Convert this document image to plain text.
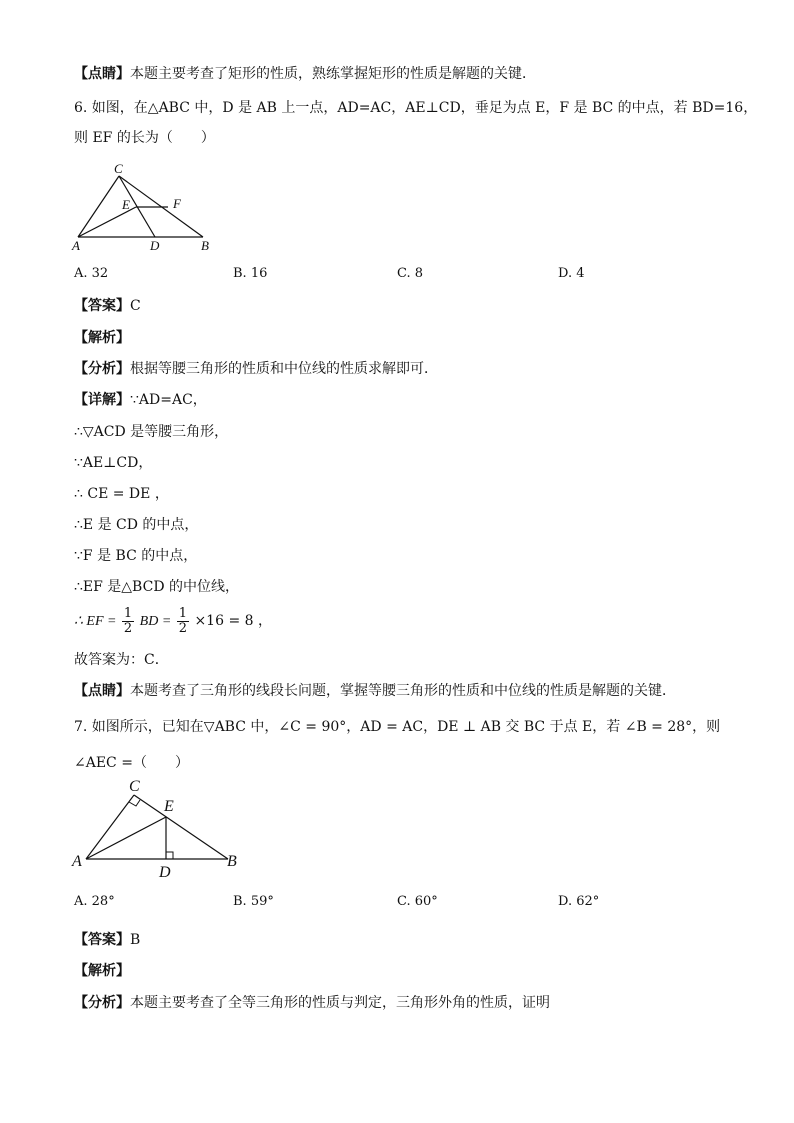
【点睛】本题主要考查了矩形的性质，熟练掌握矩形的性质是解题的关键．
6. 如图，在△ABC 中，D 是 AB 上一点，AD=AC，AE⊥CD，垂足为点 E，F 是 BC 的中点，若 BD=16，
则 EF 的长为（　　）
C
E	F
A	D	B
A. 32	B. 16	C. 8	D. 4
【答案】C
【解析】
【分析】根据等腰三角形的性质和中位线的性质求解即可．
【详解】∵AD=AC，
∴▽ACD 是等腰三角形，
∵AE⊥CD，
∴ CE = DE ，
∴E 是 CD 的中点，
∵F 是 BC 的中点，
∴EF 是△BCD 的中位线，
∴ EF = $\frac{1}{2}$ BD = $\frac{1}{2} \times 16 = 8$ ，
故答案为：C．
【点睛】本题考查了三角形的线段长问题，掌握等腰三角形的性质和中位线的性质是解题的关键．
7. 如图所示，已知在▽ABC 中，∠C = 90°，AD = AC，DE ⊥ AB 交 BC 于点 E，若 ∠B = 28°，则
∠AEC =（　　）
C
E
A
D
B
A. 28°	B. 59°	C. 60°	D. 62°
【答案】B
【解析】
【分析】本题主要考查了全等三角形的性质与判定，三角形外角的性质，证明
